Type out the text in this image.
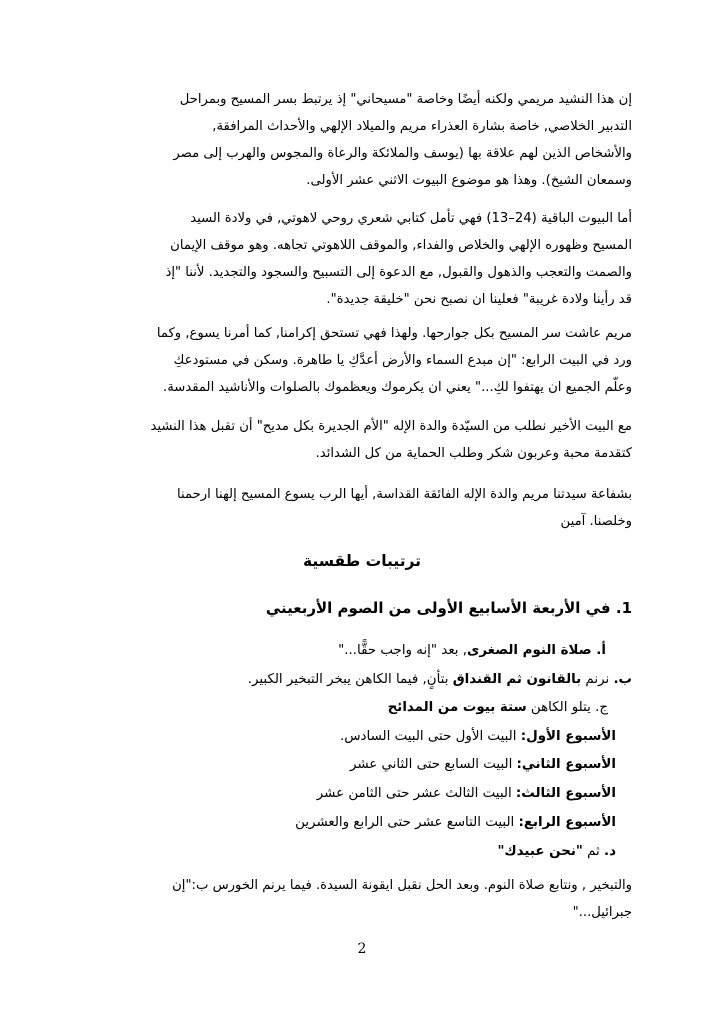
إن هذا النشيد مريمي ولكنه أيضًا وخاصة "مسيحاني" إذ يرتبط بسر المسيح وبمراحل
التدبير الخلاصي, خاصة بشارة العذراء مريم والميلاد الإلهي والأحداث المرافقة,
والأشخاص الذين لهم علاقة بها (يوسف والملائكة والرعاة والمجوس والهرب إلى مصر
وسمعان الشيخ). وهذا هو موضوع البيوت الاثني عشر الأولى.
أما البيوت الباقية (24–13) فهي تأمل كتابي شعري روحي لاهوتي, في ولادة السيد
المسيح وظهوره الإلهي والخلاص والفداء, والموقف اللاهوتي تجاهه. وهو موقف الإيمان
والصمت والتعجب والذهول والقبول, مع الدعوة إلى التسبيح والسجود والتجديد. لأننا "إذ
قد رأينا ولادة غريبة" فعلينا ان نصبح نحن "خليقة جديدة".
مريم عاشت سر المسيح بكل جوارحها. ولهذا فهي تستحق إكرامنا, كما أمرنا يسوع, وكما
ورد في البيت الرابع: "إن مبدع السماء والأرض أعدَّكِ يا طاهرة. وسكن في مستودعكِ
وعلّم الجميع ان يهتفوا لكِ..." يعني ان يكرموك ويعظموك بالصلوات والأناشيد المقدسة.
مع البيت الأخير نطلب من السيّدة والدة الإله "الأم الجديرة بكل مديح" أن تقبل هذا النشيد
كتقدمة محبة وعربون شكر وطلب الحماية من كل الشدائد.
بشفاعة سيدتنا مريم والدة الإله الفائقة القداسة, أيها الرب يسوع المسيح إلهنا ارحمنا
وخلصنا. آمين
ترتيبات طقسية
1. في الأربعة الأسابيع الأولى من الصوم الأربعيني
أ. صلاة النوم الصغرى, بعد "إنه واجب حقًّا..."
ب. نرنم بالقانون ثم القنداق بتأنٍ, فيما الكاهن يبخر التبخير الكبير.
ج. يتلو الكاهن ستة بيوت من المدائح
الأسبوع الأول: البيت الأول حتى البيت السادس.
الأسبوع الثاني: البيت السابع حتى الثاني عشر
الأسبوع الثالث: البيت الثالث عشر حتى الثامن عشر
الأسبوع الرابع: البيت التاسع عشر حتى الرابع والعشرين
د. ثم "نحن عبيدك"
والتبخير , ونتابع صلاة النوم. وبعد الحل نقبل ايقونة السيدة. فيما يرنم الخورس ب:"إن
جبرائيل..."
2
